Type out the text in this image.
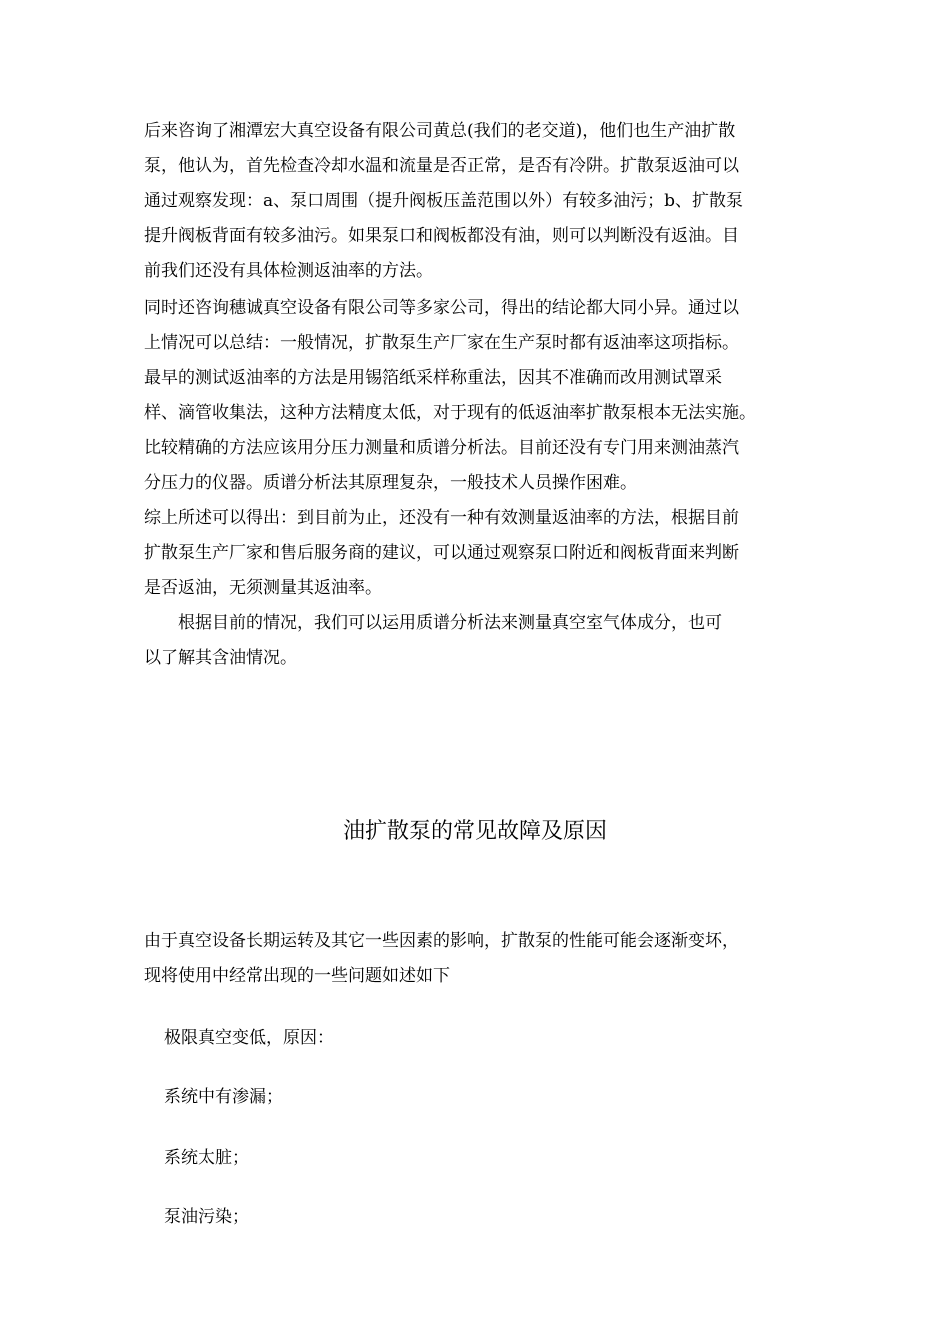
后来咨询了湘潭宏大真空设备有限公司黄总(我们的老交道)，他们也生产油扩散
泵，他认为，首先检查冷却水温和流量是否正常，是否有冷阱。扩散泵返油可以
通过观察发现：a、泵口周围（提升阀板压盖范围以外）有较多油污；b、扩散泵
提升阀板背面有较多油污。如果泵口和阀板都没有油，则可以判断没有返油。目
前我们还没有具体检测返油率的方法。
同时还咨询穗诚真空设备有限公司等多家公司，得出的结论都大同小异。通过以
上情况可以总结：一般情况，扩散泵生产厂家在生产泵时都有返油率这项指标。
最早的测试返油率的方法是用锡箔纸采样称重法，因其不准确而改用测试罩采
样、滴管收集法，这种方法精度太低，对于现有的低返油率扩散泵根本无法实施。
比较精确的方法应该用分压力测量和质谱分析法。目前还没有专门用来测油蒸汽
分压力的仪器。质谱分析法其原理复杂，一般技术人员操作困难。
综上所述可以得出：到目前为止，还没有一种有效测量返油率的方法，根据目前
扩散泵生产厂家和售后服务商的建议，可以通过观察泵口附近和阀板背面来判断
是否返油，无须测量其返油率。
　　根据目前的情况，我们可以运用质谱分析法来测量真空室气体成分，也可
以了解其含油情况。
油扩散泵的常见故障及原因
由于真空设备长期运转及其它一些因素的影响，扩散泵的性能可能会逐渐变坏，
现将使用中经常出现的一些问题如述如下
极限真空变低，原因：
系统中有渗漏；
系统太脏；
泵油污染；
